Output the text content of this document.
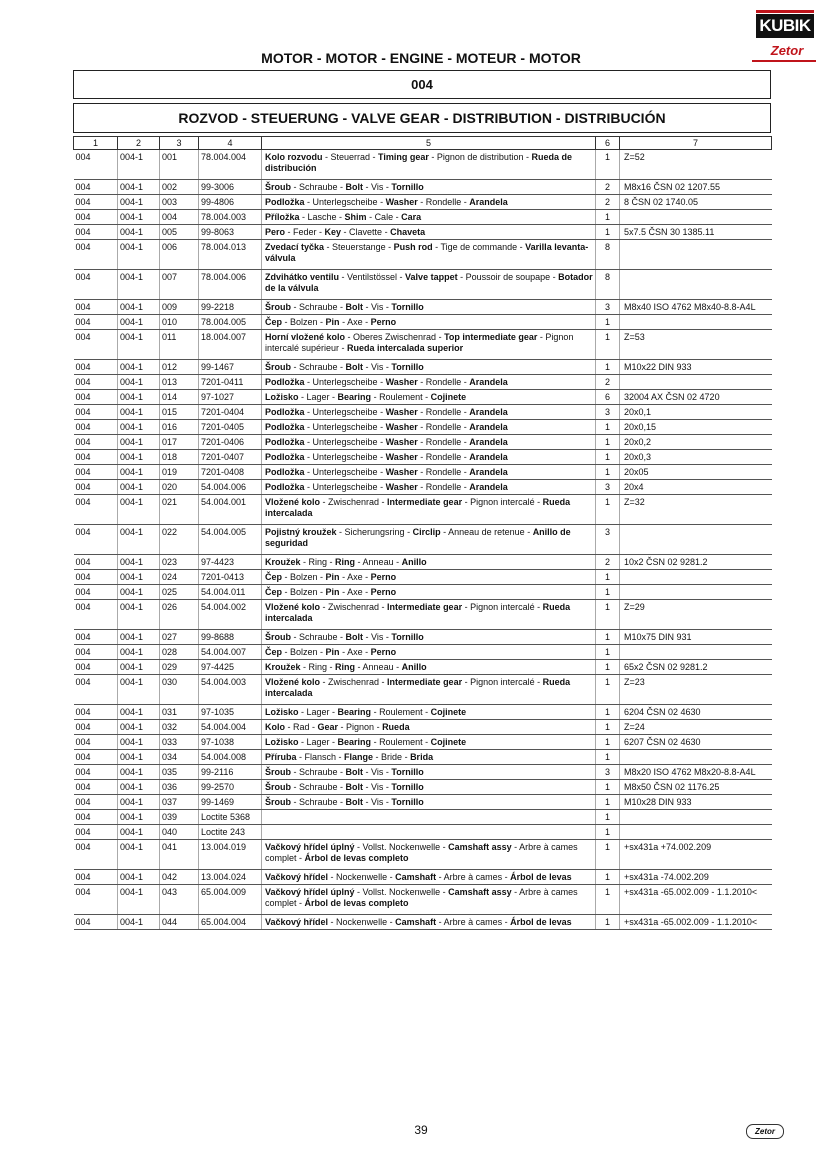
KUBIK
Zetor
MOTOR - MOTOR - ENGINE - MOTEUR - MOTOR
004
ROZVOD - STEUERUNG - VALVE GEAR - DISTRIBUTION - DISTRIBUCIÓN
1	2	3	4	5	6	7
004	004-1	001	78.004.004	Kolo rozvodu - Steuerrad - Timing gear - Pignon de distribution - Rueda de distribución	1	Z=52
004	004-1	002	99-3006	Šroub - Schraube - Bolt - Vis - Tornillo	2	M8x16 ČSN 02 1207.55
004	004-1	003	99-4806	Podložka - Unterlegscheibe - Washer - Rondelle - Arandela	2	8 ČSN 02 1740.05
004	004-1	004	78.004.003	Příložka - Lasche - Shim - Cale - Cara	1	
004	004-1	005	99-8063	Pero - Feder - Key - Clavette - Chaveta	1	5x7.5 ČSN 30 1385.11
004	004-1	006	78.004.013	Zvedací tyčka - Steuerstange - Push rod - Tige de commande - Varilla levanta-válvula	8	
004	004-1	007	78.004.006	Zdvihátko ventilu - Ventilstössel - Valve tappet - Poussoir de soupape - Botador de la válvula	8	
004	004-1	009	99-2218	Šroub - Schraube - Bolt - Vis - Tornillo	3	M8x40 ISO 4762 M8x40-8.8-A4L
004	004-1	010	78.004.005	Čep - Bolzen - Pin - Axe - Perno	1	
004	004-1	011	18.004.007	Horní vložené kolo - Oberes Zwischenrad - Top intermediate gear - Pignon intercalé supérieur - Rueda intercalada superior	1	Z=53
004	004-1	012	99-1467	Šroub - Schraube - Bolt - Vis - Tornillo	1	M10x22 DIN 933
004	004-1	013	7201-0411	Podložka - Unterlegscheibe - Washer - Rondelle - Arandela	2	
004	004-1	014	97-1027	Ložisko - Lager - Bearing - Roulement - Cojinete	6	32004 AX ČSN 02 4720
004	004-1	015	7201-0404	Podložka - Unterlegscheibe - Washer - Rondelle - Arandela	3	20x0,1
004	004-1	016	7201-0405	Podložka - Unterlegscheibe - Washer - Rondelle - Arandela	1	20x0,15
004	004-1	017	7201-0406	Podložka - Unterlegscheibe - Washer - Rondelle - Arandela	1	20x0,2
004	004-1	018	7201-0407	Podložka - Unterlegscheibe - Washer - Rondelle - Arandela	1	20x0,3
004	004-1	019	7201-0408	Podložka - Unterlegscheibe - Washer - Rondelle - Arandela	1	20x05
004	004-1	020	54.004.006	Podložka - Unterlegscheibe - Washer - Rondelle - Arandela	3	20x4
004	004-1	021	54.004.001	Vložené kolo - Zwischenrad - Intermediate gear - Pignon intercalé - Rueda intercalada	1	Z=32
004	004-1	022	54.004.005	Pojistný kroužek - Sicherungsring - Circlip - Anneau de retenue - Anillo de seguridad	3	
004	004-1	023	97-4423	Kroužek - Ring - Ring - Anneau - Anillo	2	10x2 ČSN 02 9281.2
004	004-1	024	7201-0413	Čep - Bolzen - Pin - Axe - Perno	1	
004	004-1	025	54.004.011	Čep - Bolzen - Pin - Axe - Perno	1	
004	004-1	026	54.004.002	Vložené kolo - Zwischenrad - Intermediate gear - Pignon intercalé - Rueda intercalada	1	Z=29
004	004-1	027	99-8688	Šroub - Schraube - Bolt - Vis - Tornillo	1	M10x75 DIN 931
004	004-1	028	54.004.007	Čep - Bolzen - Pin - Axe - Perno	1	
004	004-1	029	97-4425	Kroužek - Ring - Ring - Anneau - Anillo	1	65x2 ČSN 02 9281.2
004	004-1	030	54.004.003	Vložené kolo - Zwischenrad - Intermediate gear - Pignon intercalé - Rueda intercalada	1	Z=23
004	004-1	031	97-1035	Ložisko - Lager - Bearing - Roulement - Cojinete	1	6204 ČSN 02 4630
004	004-1	032	54.004.004	Kolo - Rad - Gear - Pignon - Rueda	1	Z=24
004	004-1	033	97-1038	Ložisko - Lager - Bearing - Roulement - Cojinete	1	6207 ČSN 02 4630
004	004-1	034	54.004.008	Příruba - Flansch - Flange - Bride - Brida	1	
004	004-1	035	99-2116	Šroub - Schraube - Bolt - Vis - Tornillo	3	M8x20 ISO 4762 M8x20-8.8-A4L
004	004-1	036	99-2570	Šroub - Schraube - Bolt - Vis - Tornillo	1	M8x50 ČSN 02 1176.25
004	004-1	037	99-1469	Šroub - Schraube - Bolt - Vis - Tornillo	1	M10x28 DIN 933
004	004-1	039	Loctite 5368		1	
004	004-1	040	Loctite 243		1	
004	004-1	041	13.004.019	Vačkový hřídel úplný - Vollst. Nockenwelle - Camshaft assy - Arbre à cames complet - Árbol de levas completo	1	+sx431a +74.002.209
004	004-1	042	13.004.024	Vačkový hřídel - Nockenwelle - Camshaft - Arbre à cames - Árbol de levas	1	+sx431a -74.002.209
004	004-1	043	65.004.009	Vačkový hřídel úplný - Vollst. Nockenwelle - Camshaft assy - Arbre à cames complet - Árbol de levas completo	1	+sx431a -65.002.009 - 1.1.2010<
004	004-1	044	65.004.004	Vačkový hřídel - Nockenwelle - Camshaft - Arbre à cames - Árbol de levas	1	+sx431a -65.002.009 - 1.1.2010<
39	Zetor
